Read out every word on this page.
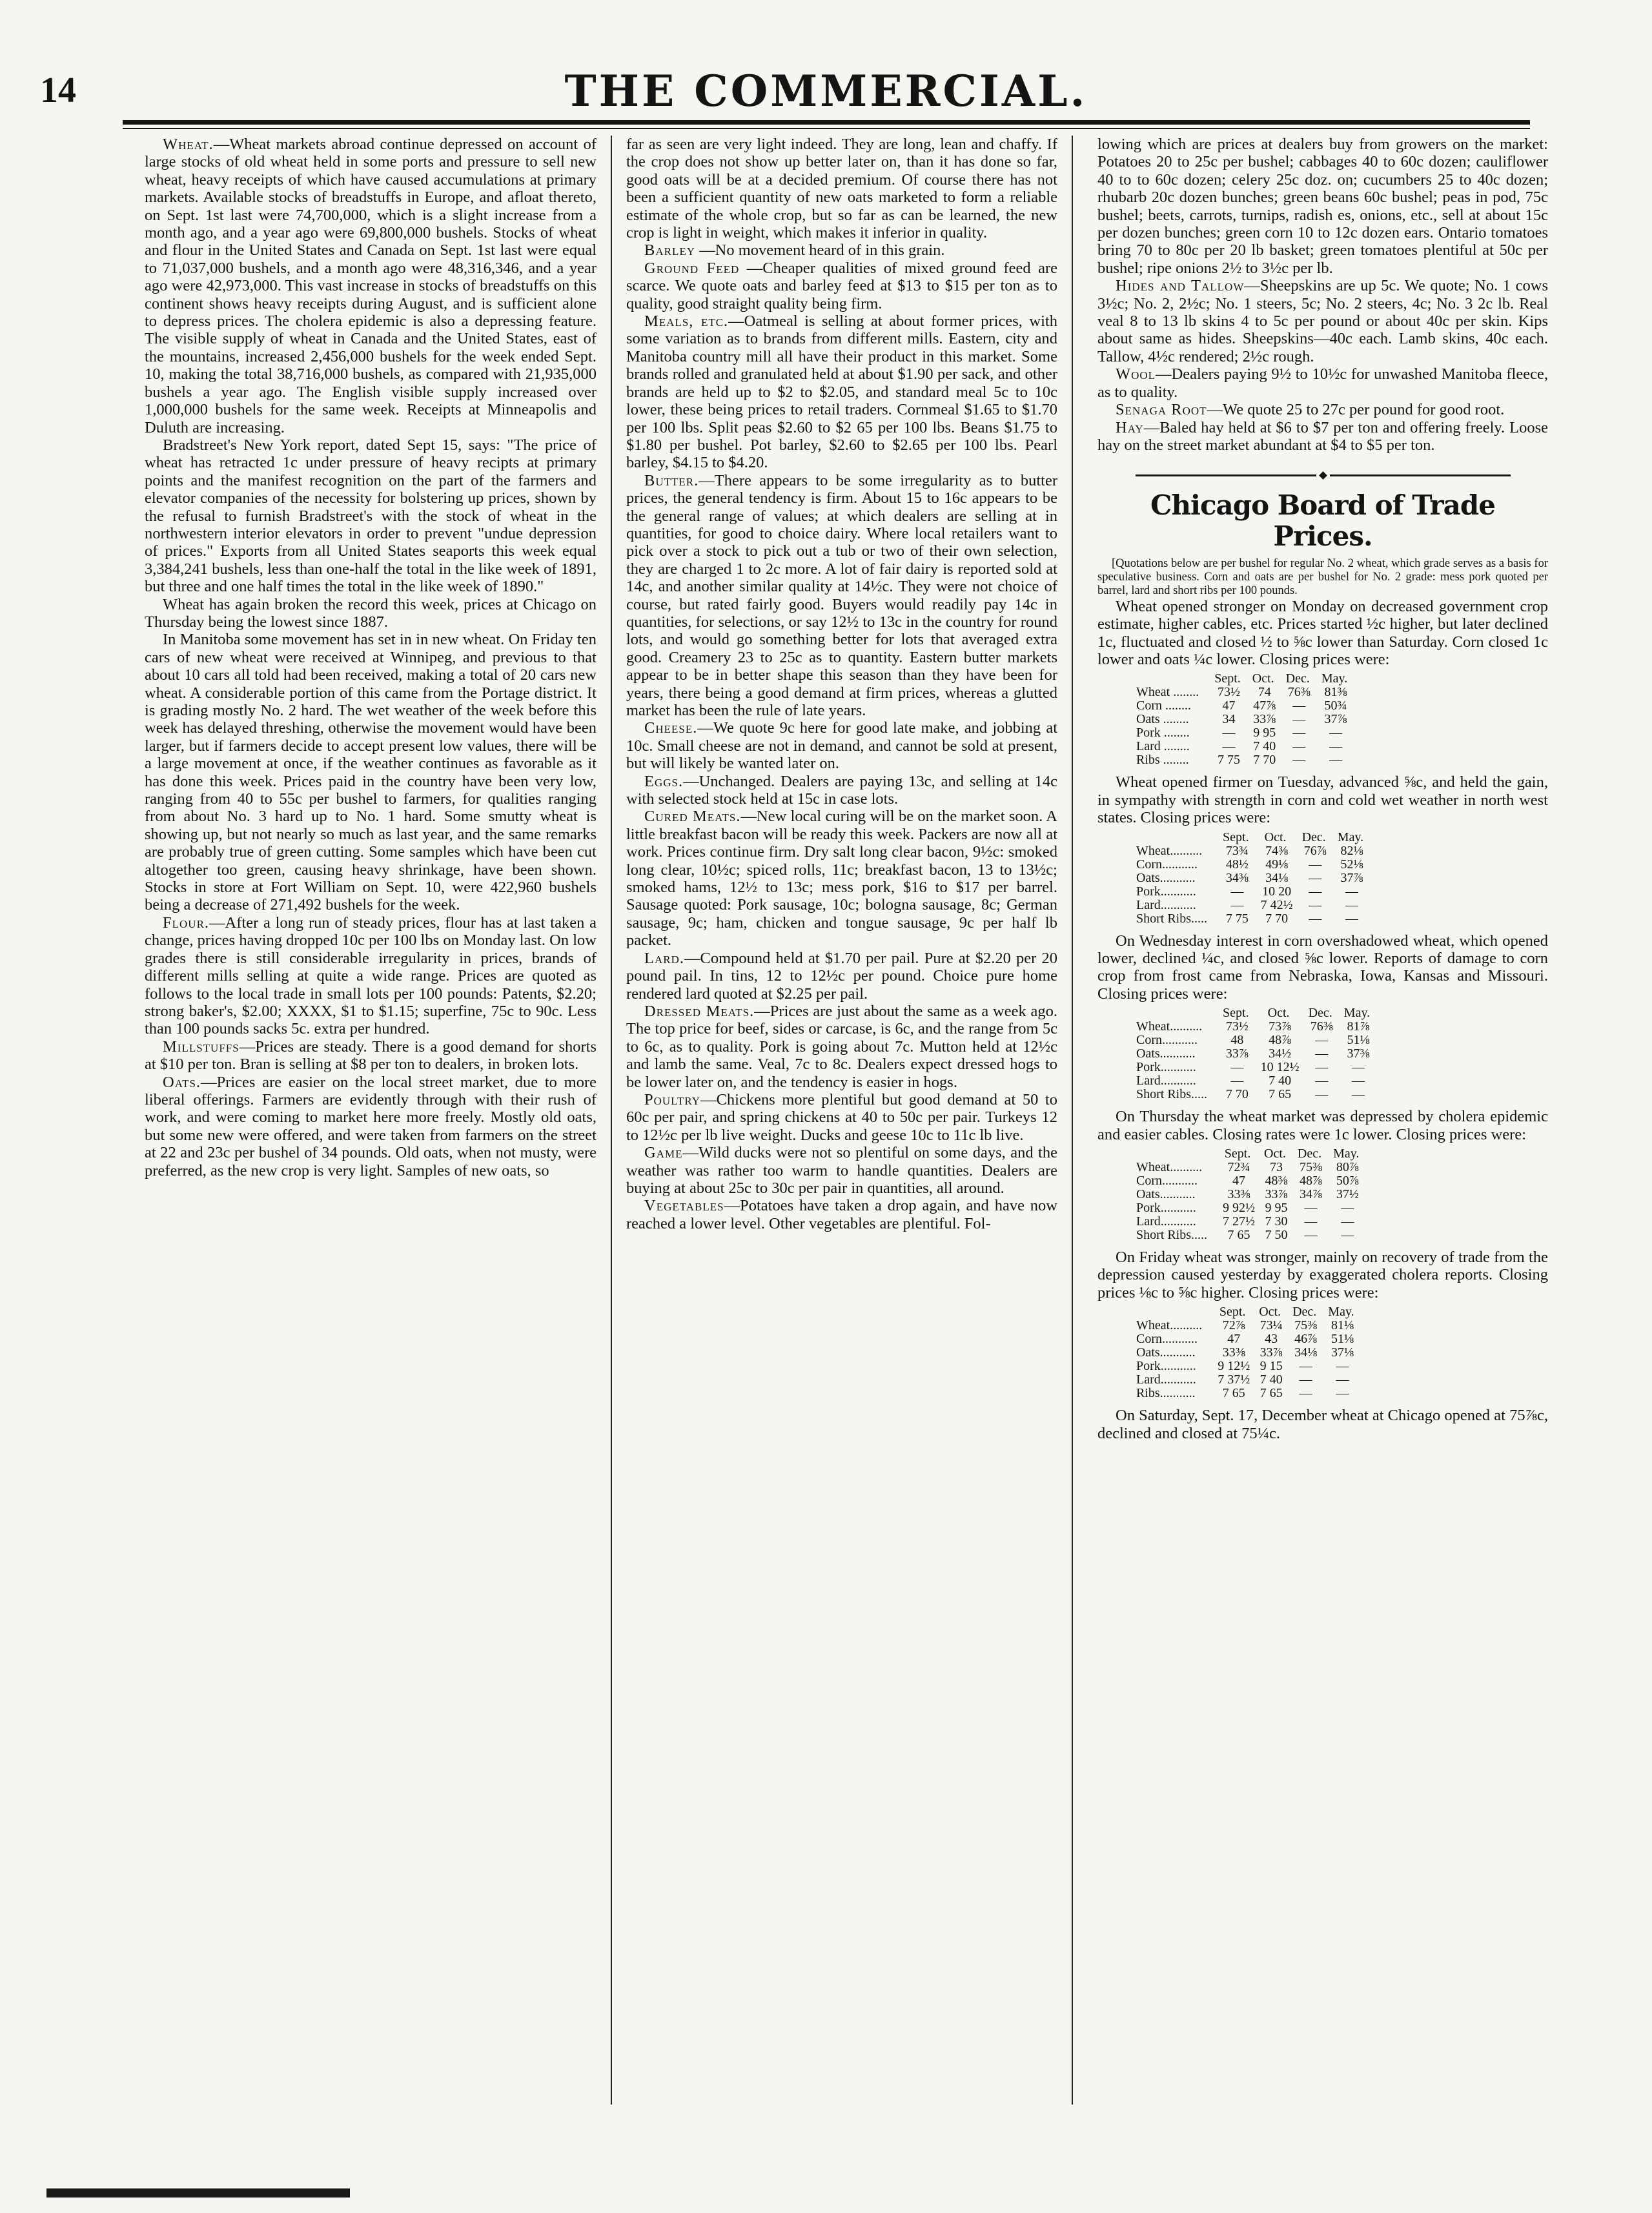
14	THE COMMERCIAL.

Wheat.—Wheat markets abroad continue depressed on account of large stocks of old wheat held in some ports and pressure to sell new wheat, heavy receipts of which have caused accumulations at primary markets. Available stocks of breadstuffs in Europe, and afloat thereto, on Sept. 1st last were 74,700,000, which is a slight increase from a month ago, and a year ago were 69,800,000 bushels. Stocks of wheat and flour in the United States and Canada on Sept. 1st last were equal to 71,037,000 bushels, and a month ago were 48,316,346, and a year ago were 42,973,000. This vast increase in stocks of breadstuffs on this continent shows heavy receipts during August, and is sufficient alone to depress prices. The cholera epidemic is also a depressing feature. The visible supply of wheat in Canada and the United States, east of the mountains, increased 2,456,000 bushels for the week ended Sept. 10, making the total 38,716,000 bushels, as compared with 21,935,000 bushels a year ago. The English visible supply increased over 1,000,000 bushels for the same week. Receipts at Minneapolis and Duluth are increasing.

Bradstreet's New York report, dated Sept 15, says: "The price of wheat has retracted 1c under pressure of heavy recipts at primary points and the manifest recognition on the part of the farmers and elevator companies of the necessity for bolstering up prices, shown by the refusal to furnish Bradstreet's with the stock of wheat in the northwestern interior elevators in order to prevent "undue depression of prices." Exports from all United States seaports this week equal 3,384,241 bushels, less than one-half the total in the like week of 1891, but three and one half times the total in the like week of 1890."

Wheat has again broken the record this week, prices at Chicago on Thursday being the lowest since 1887.

In Manitoba some movement has set in in new wheat. On Friday ten cars of new wheat were received at Winnipeg, and previous to that about 10 cars all told had been received, making a total of 20 cars new wheat. A considerable portion of this came from the Portage district. It is grading mostly No. 2 hard. The wet weather of the week before this week has delayed threshing, otherwise the movement would have been larger, but if farmers decide to accept present low values, there will be a large movement at once, if the weather continues as favorable as it has done this week. Prices paid in the country have been very low, ranging from 40 to 55c per bushel to farmers, for qualities ranging from about No. 3 hard up to No. 1 hard. Some smutty wheat is showing up, but not nearly so much as last year, and the same remarks are probably true of green cutting. Some samples which have been cut altogether too green, causing heavy shrinkage, have been shown. Stocks in store at Fort William on Sept. 10, were 422,960 bushels being a decrease of 271,492 bushels for the week.

Flour.—After a long run of steady prices, flour has at last taken a change, prices having dropped 10c per 100 lbs on Monday last. On low grades there is still considerable irregularity in prices, brands of different mills selling at quite a wide range. Prices are quoted as follows to the local trade in small lots per 100 pounds: Patents, $2.20; strong baker's, $2.00; XXXX, $1 to $1.15; superfine, 75c to 90c. Less than 100 pounds sacks 5c. extra per hundred.

Millstuffs—Prices are steady. There is a good demand for shorts at $10 per ton. Bran is selling at $8 per ton to dealers, in broken lots.

Oats.—Prices are easier on the local street market, due to more liberal offerings. Farmers are evidently through with their rush of work, and were coming to market here more freely. Mostly old oats, but some new were offered, and were taken from farmers on the street at 22 and 23c per bushel of 34 pounds. Old oats, when not musty, were preferred, as the new crop is very light. Samples of new oats, so

far as seen are very light indeed. They are long, lean and chaffy. If the crop does not show up better later on, than it has done so far, good oats will be at a decided premium. Of course there has not been a sufficient quantity of new oats marketed to form a reliable estimate of the whole crop, but so far as can be learned, the new crop is light in weight, which makes it inferior in quality.

Barley —No movement heard of in this grain.

Ground Feed —Cheaper qualities of mixed ground feed are scarce. We quote oats and barley feed at $13 to $15 per ton as to quality, good straight quality being firm.

Meals, etc.—Oatmeal is selling at about former prices, with some variation as to brands from different mills. Eastern, city and Manitoba country mill all have their product in this market. Some brands rolled and granulated held at about $1.90 per sack, and other brands are held up to $2 to $2.05, and standard meal 5c to 10c lower, these being prices to retail traders. Cornmeal $1.65 to $1.70 per 100 lbs. Split peas $2.60 to $2 65 per 100 lbs. Beans $1.75 to $1.80 per bushel. Pot barley, $2.60 to $2.65 per 100 lbs. Pearl barley, $4.15 to $4.20.

Butter.—There appears to be some irregularity as to butter prices, the general tendency is firm. About 15 to 16c appears to be the general range of values; at which dealers are selling at in quantities, for good to choice dairy. Where local retailers want to pick over a stock to pick out a tub or two of their own selection, they are charged 1 to 2c more. A lot of fair dairy is reported sold at 14c, and another similar quality at 14½c. They were not choice of course, but rated fairly good. Buyers would readily pay 14c in quantities, for selections, or say 12½ to 13c in the country for round lots, and would go something better for lots that averaged extra good. Creamery 23 to 25c as to quantity. Eastern butter markets appear to be in better shape this season than they have been for years, there being a good demand at firm prices, whereas a glutted market has been the rule of late years.

Cheese.—We quote 9c here for good late make, and jobbing at 10c. Small cheese are not in demand, and cannot be sold at present, but will likely be wanted later on.

Eggs.—Unchanged. Dealers are paying 13c, and selling at 14c with selected stock held at 15c in case lots.

Cured Meats.—New local curing will be on the market soon. A little breakfast bacon will be ready this week. Packers are now all at work. Prices continue firm. Dry salt long clear bacon, 9½c: smoked long clear, 10½c; spiced rolls, 11c; breakfast bacon, 13 to 13½c; smoked hams, 12½ to 13c; mess pork, $16 to $17 per barrel. Sausage quoted: Pork sausage, 10c; bologna sausage, 8c; German sausage, 9c; ham, chicken and tongue sausage, 9c per half lb packet.

Lard.—Compound held at $1.70 per pail. Pure at $2.20 per 20 pound pail. In tins, 12 to 12½c per pound. Choice pure home rendered lard quoted at $2.25 per pail.

Dressed Meats.—Prices are just about the same as a week ago. The top price for beef, sides or carcase, is 6c, and the range from 5c to 6c, as to quality. Pork is going about 7c. Mutton held at 12½c and lamb the same. Veal, 7c to 8c. Dealers expect dressed hogs to be lower later on, and the tendency is easier in hogs.

Poultry—Chickens more plentiful but good demand at 50 to 60c per pair, and spring chickens at 40 to 50c per pair. Turkeys 12 to 12½c per lb live weight. Ducks and geese 10c to 11c lb live.

Game—Wild ducks were not so plentiful on some days, and the weather was rather too warm to handle quantities. Dealers are buying at about 25c to 30c per pair in quantities, all around.

Vegetables—Potatoes have taken a drop again, and have now reached a lower level. Other vegetables are plentiful. Fol-

lowing which are prices at dealers buy from growers on the market: Potatoes 20 to 25c per bushel; cabbages 40 to 60c dozen; cauliflower 40 to to 60c dozen; celery 25c doz. on; cucumbers 25 to 40c dozen; rhubarb 20c dozen bunches; green beans 60c bushel; peas in pod, 75c bushel; beets, carrots, turnips, radish es, onions, etc., sell at about 15c per dozen bunches; green corn 10 to 12c dozen ears. Ontario tomatoes bring 70 to 80c per 20 lb basket; green tomatoes plentiful at 50c per bushel; ripe onions 2½ to 3½c per lb.

Hides and Tallow—Sheepskins are up 5c. We quote; No. 1 cows 3½c; No. 2, 2½c; No. 1 steers, 5c; No. 2 steers, 4c; No. 3 2c lb. Real veal 8 to 13 lb skins 4 to 5c per pound or about 40c per skin. Kips about same as hides. Sheepskins—40c each. Lamb skins, 40c each. Tallow, 4½c rendered; 2½c rough.

Wool—Dealers paying 9½ to 10½c for unwashed Manitoba fleece, as to quality.

Senaga Root—We quote 25 to 27c per pound for good root.

Hay—Baled hay held at $6 to $7 per ton and offering freely. Loose hay on the street market abundant at $4 to $5 per ton.

Chicago Board of Trade Prices.

[Quotations below are per bushel for regular No. 2 wheat, which grade serves as a basis for speculative business. Corn and oats are per bushel for No. 2 grade: mess pork quoted per barrel, lard and short ribs per 100 pounds.

Wheat opened stronger on Monday on decreased government crop estimate, higher cables, etc. Prices started ½c higher, but later declined 1c, fluctuated and closed ½ to ⅝c lower than Saturday. Corn closed 1c lower and oats ¼c lower. Closing prices were:

	Sept.	Oct.	Dec.	May.
Wheat ........	73½	74	76⅜	81⅜
Corn ........	47	47⅞	—	50¾
Oats ........	34	33⅞	—	37⅞
Pork ........	—	9 95	—	—
Lard ........	—	7 40	—	—
Ribs ........	7 75	7 70	—	—

Wheat opened firmer on Tuesday, advanced ⅝c, and held the gain, in sympathy with strength in corn and cold wet weather in north west states. Closing prices were:

	Sept.	Oct.	Dec.	May.
Wheat..........	73¾	74⅜	76⅞	82⅛
Corn...........	48½	49⅛	—	52⅛
Oats...........	34⅜	34⅛	—	37⅞
Pork...........	—	10 20	—	—
Lard...........	—	7 42½	—	—
Short Ribs.....	7 75	7 70	—	—

On Wednesday interest in corn overshadowed wheat, which opened lower, declined ¼c, and closed ⅝c lower. Reports of damage to corn crop from frost came from Nebraska, Iowa, Kansas and Missouri. Closing prices were:

	Sept.	Oct.	Dec.	May.
Wheat..........	73½	73⅞	76⅜	81⅞
Corn...........	48	48⅞	—	51⅛
Oats...........	33⅞	34½	—	37⅜
Pork...........	—	10 12½	—	—
Lard...........	—	7 40	—	—
Short Ribs.....	7 70	7 65	—	—

On Thursday the wheat market was depressed by cholera epidemic and easier cables. Closing rates were 1c lower. Closing prices were:

	Sept.	Oct.	Dec.	May.
Wheat..........	72¾	73	75⅜	80⅞
Corn...........	47	48⅜	48⅞	50⅞
Oats...........	33⅜	33⅞	34⅞	37½
Pork...........	9 92½	9 95	—	—
Lard...........	7 27½	7 30	—	—
Short Ribs.....	7 65	7 50	—	—

On Friday wheat was stronger, mainly on recovery of trade from the depression caused yesterday by exaggerated cholera reports. Closing prices ⅛c to ⅝c higher. Closing prices were:

	Sept.	Oct.	Dec.	May.
Wheat..........	72⅞	73¼	75⅜	81⅛
Corn...........	47	43	46⅞	51⅛
Oats...........	33⅜	33⅞	34⅛	37⅛
Pork...........	9 12½	9 15	—	—
Lard...........	7 37½	7 40	—	—
Ribs...........	7 65	7 65	—	—

On Saturday, Sept. 17, December wheat at Chicago opened at 75⅞c, declined and closed at 75¼c.
